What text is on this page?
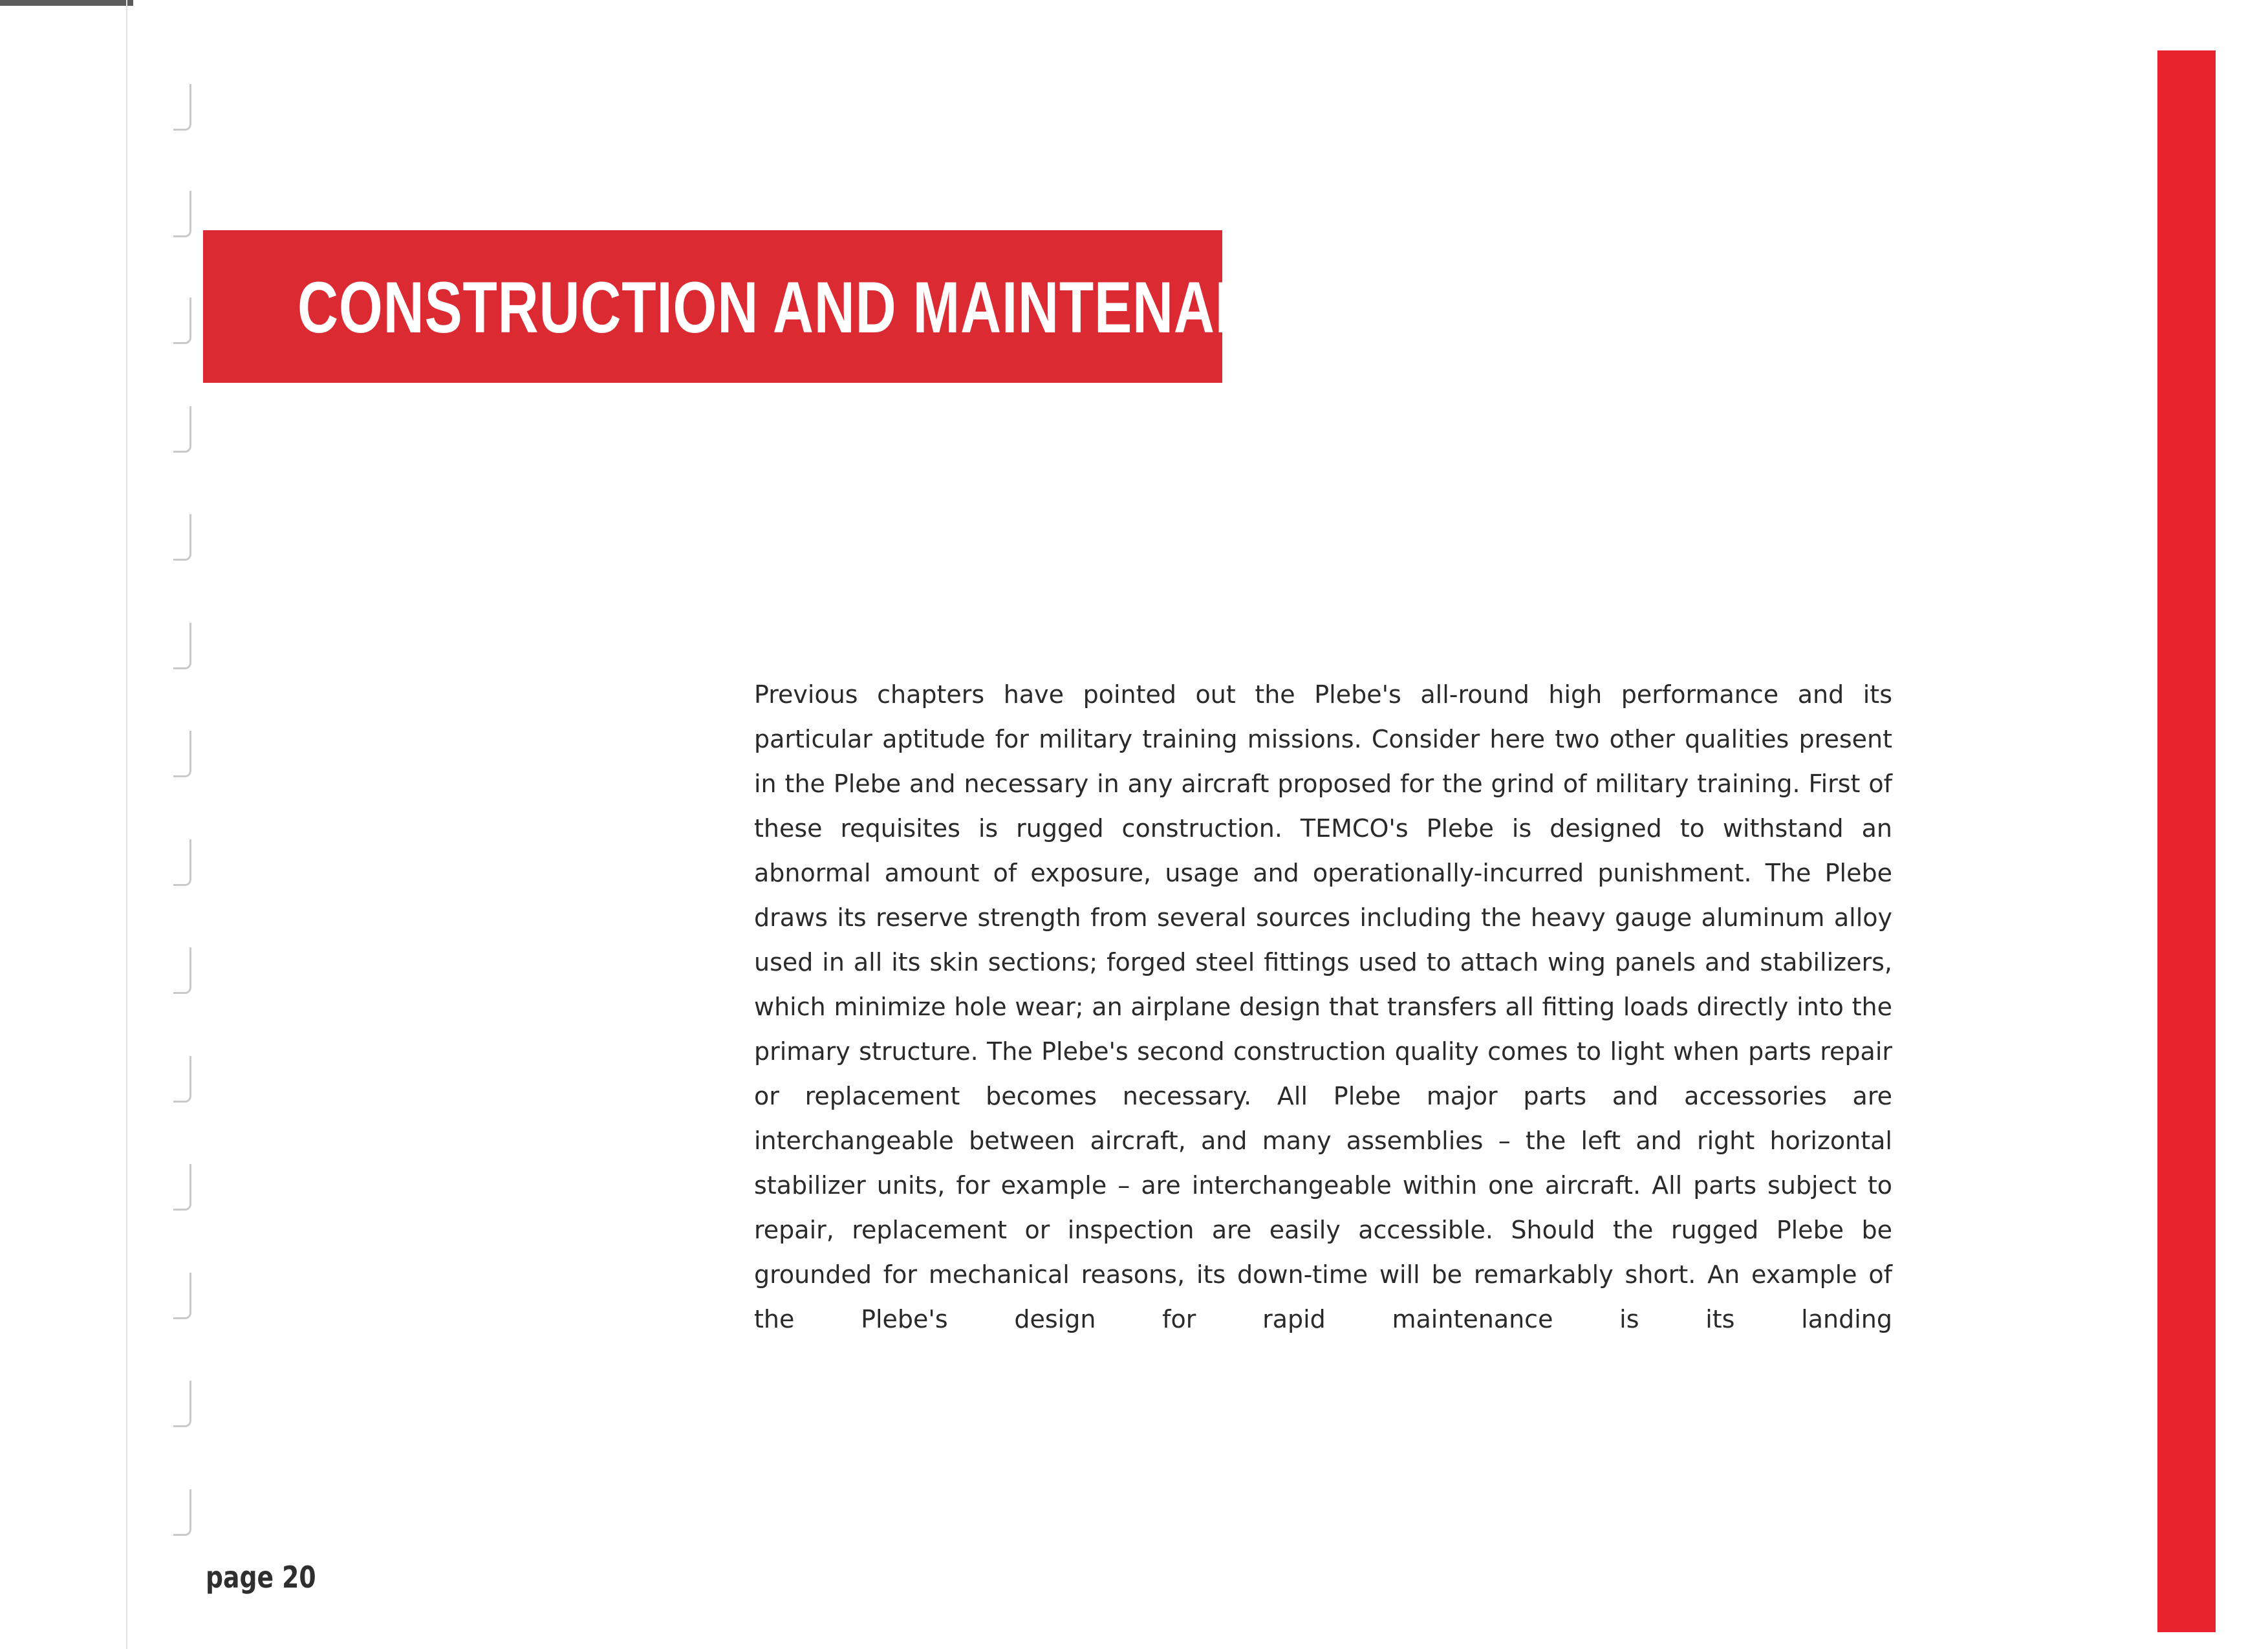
CONSTRUCTION AND MAINTENANCE

Previous chapters have pointed out the Plebe's all-round high performance and its particular aptitude for military training missions. Consider here two other qualities present in the Plebe and necessary in any aircraft proposed for the grind of military training. First of these requisites is rugged construction. TEMCO's Plebe is designed to withstand an abnormal amount of exposure, usage and operationally-incurred punishment. The Plebe draws its reserve strength from several sources including the heavy gauge aluminum alloy used in all its skin sections; forged steel fittings used to attach wing panels and stabilizers, which minimize hole wear; an airplane design that transfers all fitting loads directly into the primary structure. The Plebe's second construction quality comes to light when parts repair or replacement becomes necessary. All Plebe major parts and accessories are interchangeable between aircraft, and many assemblies – the left and right horizontal stabilizer units, for example – are interchangeable within one aircraft. All parts subject to repair, replacement or inspection are easily accessible. Should the rugged Plebe be grounded for mechanical reasons, its down-time will be remarkably short. An example of the Plebe's design for rapid maintenance is its landing

page 20
